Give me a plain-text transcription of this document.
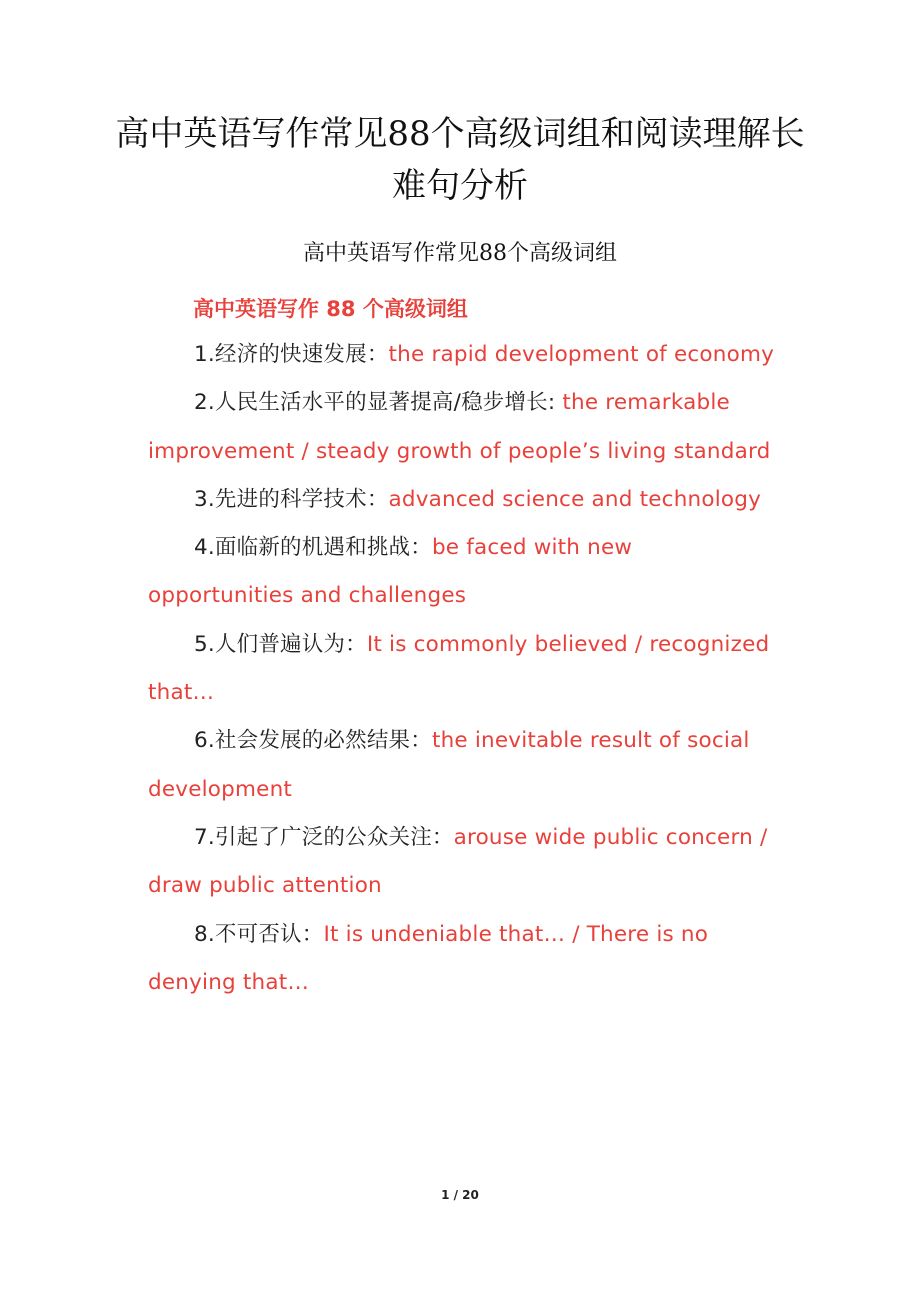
高中英语写作常见88个高级词组和阅读理解长难句分析
高中英语写作常见88个高级词组
高中英语写作 88 个高级词组

1.经济的快速发展：the rapid development of economy

2.人民生活水平的显著提高/稳步增长: the remarkable improvement / steady growth of people’s living standard

3.先进的科学技术：advanced science and technology

4.面临新的机遇和挑战：be faced with new opportunities and challenges

5.人们普遍认为：It is commonly believed / recognized that…

6.社会发展的必然结果：the inevitable result of social development

7.引起了广泛的公众关注：arouse wide public concern / draw public attention

8.不可否认：It is undeniable that… / There is no denying that…

1 / 20
